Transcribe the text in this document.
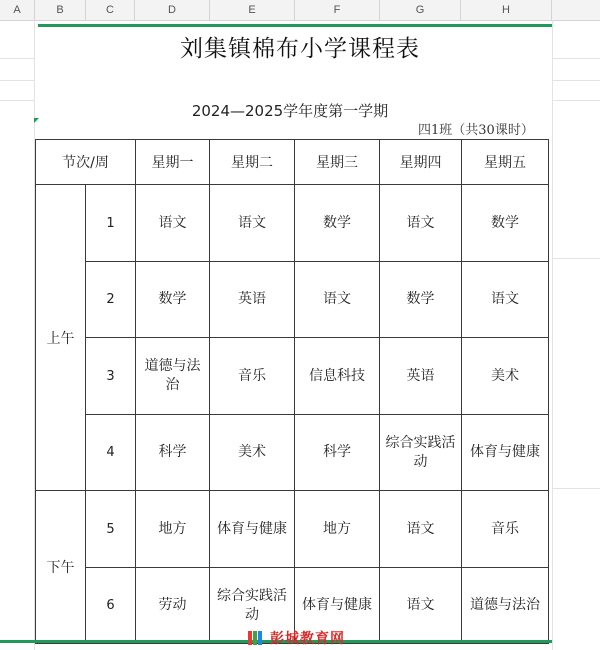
A	B	C	D	E	F	G	H
刘集镇棉布小学课程表
2024—2025学年度第一学期
四1班（共30课时）
节次/周		星期一	星期二	星期三	星期四	星期五
上午	1	语文	语文	数学	语文	数学
	2	数学	英语	语文	数学	语文
	3	道德与法治	音乐	信息科技	英语	美术
	4	科学	美术	科学	综合实践活动	体育与健康
下午	5	地方	体育与健康	地方	语文	音乐
	6	劳动	综合实践活动	体育与健康	语文	道德与法治
彭城教育网
